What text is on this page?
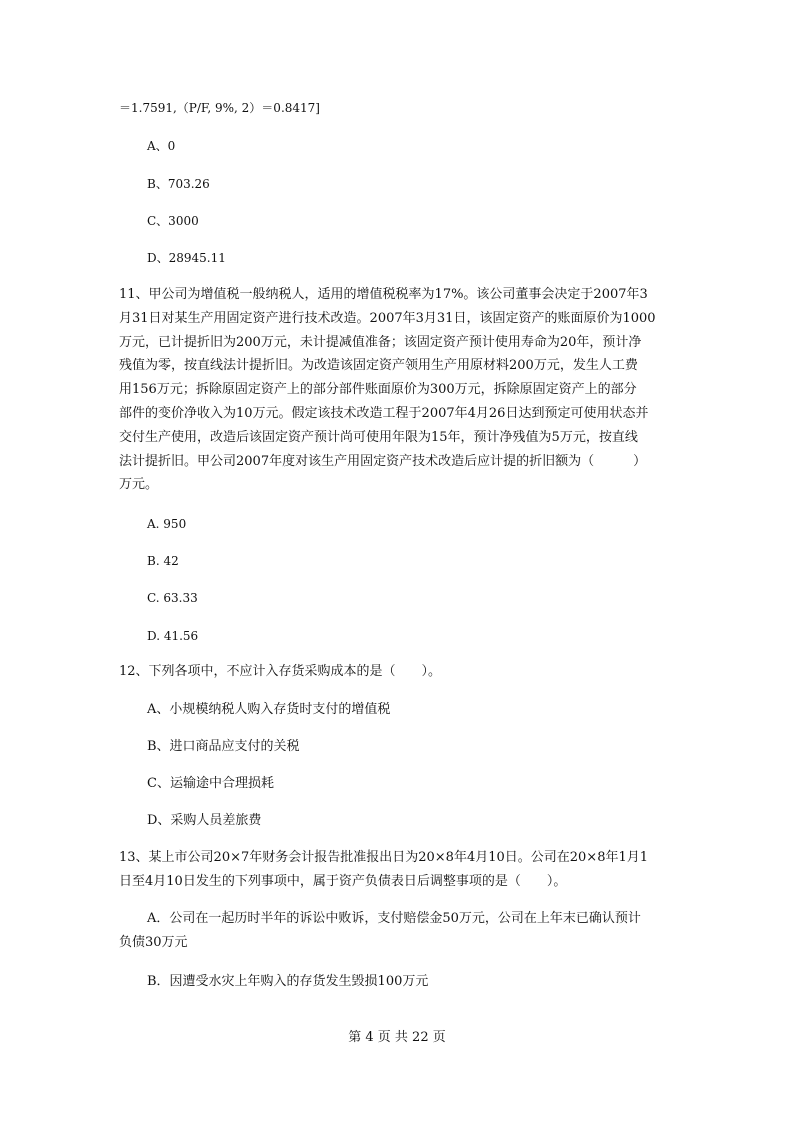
＝1.7591,（P/F, 9%, 2）＝0.8417]
A、0
B、703.26
C、3000
D、28945.11
11、甲公司为增值税一般纳税人，适用的增值税税率为17%。该公司董事会决定于2007年3
月31日对某生产用固定资产进行技术改造。2007年3月31日，该固定资产的账面原价为1000
万元，已计提折旧为200万元，未计提减值准备；该固定资产预计使用寿命为20年，预计净
残值为零，按直线法计提折旧。为改造该固定资产领用生产用原材料200万元，发生人工费
用156万元；拆除原固定资产上的部分部件账面原价为300万元，拆除原固定资产上的部分
部件的变价净收入为10万元。假定该技术改造工程于2007年4月26日达到预定可使用状态并
交付生产使用，改造后该固定资产预计尚可使用年限为15年，预计净残值为5万元，按直线
法计提折旧。甲公司2007年度对该生产用固定资产技术改造后应计提的折旧额为（　　　）
万元。
A. 950
B. 42
C. 63.33
D. 41.56
12、下列各项中，不应计入存货采购成本的是（　　）。
A、小规模纳税人购入存货时支付的增值税
B、进口商品应支付的关税
C、运输途中合理损耗
D、采购人员差旅费
13、某上市公司20×7年财务会计报告批准报出日为20×8年4月10日。公司在20×8年1月1
日至4月10日发生的下列事项中，属于资产负债表日后调整事项的是（　　）。
A．公司在一起历时半年的诉讼中败诉，支付赔偿金50万元，公司在上年末已确认预计
负债30万元
B．因遭受水灾上年购入的存货发生毁损100万元
第 4 页 共 22 页
